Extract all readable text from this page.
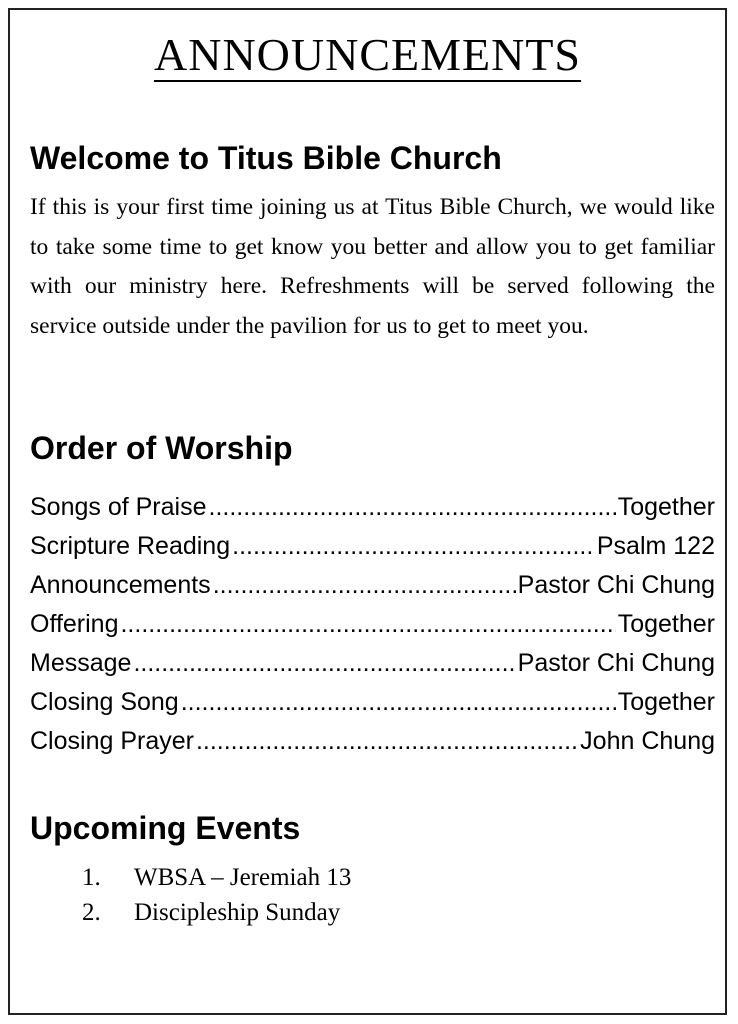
ANNOUNCEMENTS
Welcome to Titus Bible Church
If this is your first time joining us at Titus Bible Church, we would like to take some time to get know you better and allow you to get familiar with our ministry here. Refreshments will be served following the service outside under the pavilion for us to get to meet you.
Order of Worship
Songs of Praise .....	Together
Scripture Reading .....	Psalm 122
Announcements .....	Pastor Chi Chung
Offering .....	Together
Message .....	Pastor Chi Chung
Closing Song .....	Together
Closing Prayer .....	John Chung
Upcoming Events
1.	WBSA – Jeremiah 13
2.	Discipleship Sunday
